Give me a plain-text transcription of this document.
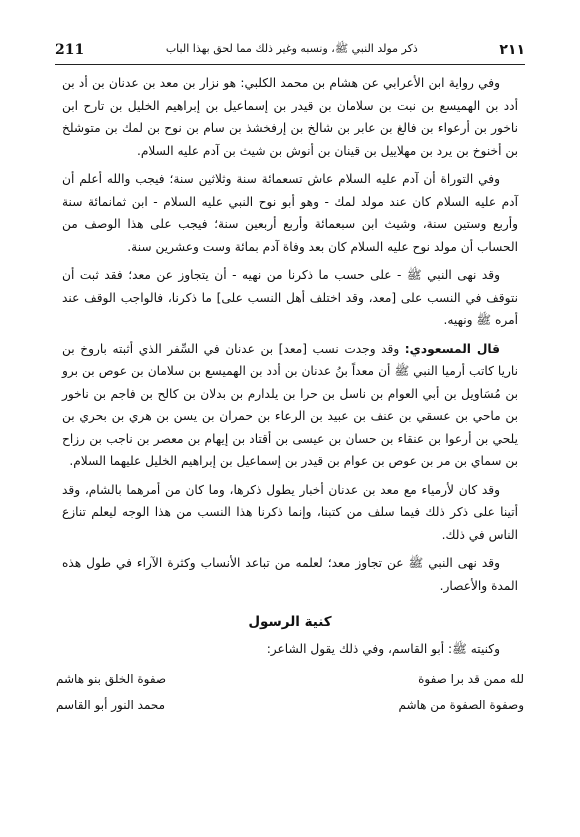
211	ذكر مولد النبي ﷺ، ونسبه وغير ذلك مما لحق بهذا الباب	٢١١

وفي رواية ابن الأعرابي عن هشام بن محمد الكلبي: هو نزار بن معد بن عدنان بن أد بن أدد بن الهميسع بن نبت بن سلامان بن قيدر بن إسماعيل بن إبراهيم الخليل بن تارح ابن ناخور بن أرعواء بن فالغ بن عابر بن شالخ بن إرفخشذ بن سام بن نوح بن لمك بن متوشلخ بن أخنوخ بن يرد بن مهلاييل بن قينان بن أنوش بن شيث بن آدم عليه السلام.

وفي التوراة أن آدم عليه السلام عاش تسعمائة سنة وثلاثين سنة؛ فيجب والله أعلم أن آدم عليه السلام كان عند مولد لمك - وهو أبو نوح النبي عليه السلام - ابن ثمانمائة سنة وأربع وستين سنة، وشيث ابن سبعمائة وأربع أربعين سنة؛ فيجب على هذا الوصف من الحساب أن مولد نوح عليه السلام كان بعد وفاة آدم بمائة وست وعشرين سنة.

وقد نهى النبي ﷺ - على حسب ما ذكرنا من نهيه - أن يتجاوز عن معد؛ فقد ثبت أن نتوقف في النسب على [معد، وقد اختلف أهل النسب على] ما ذكرنا، فالواجب الوقف عند أمره ﷺ ونهيه.

قال المسعودي: وقد وجدت نسب [معد] بن عدنان في السِّفر الذي أثبته باروخ بن ناريا كاتب أرميا النبي ﷺ أن معداً بنُ عدنان بن أدد بن الهميسع بن سلامان بن عوص بن برو بن مُسَاويل بن أبي العوام بن ناسل بن حرا بن يلدارم بن بدلان بن كالح بن فاجم بن ناخور بن ماحي بن عسقي بن عنف بن عبيد بن الرعاء بن حمران بن يسن بن هري بن بحري بن يلحي بن أرعوا بن عنقاء بن حسان بن عيسى بن أقتاد بن إيهام بن معصر بن ناجب بن رزاح بن سماي بن مر بن عوص بن عوام بن قيدر بن إسماعيل بن إبراهيم الخليل عليهما السلام.

وقد كان لأرمياء مع معد بن عدنان أخبار يطول ذكرها، وما كان من أمرهما بالشام، وقد أتينا على ذكر ذلك فيما سلف من كتبنا، وإنما ذكرنا هذا النسب من هذا الوجه ليعلم تنازع الناس في ذلك.

وقد نهى النبي ﷺ عن تجاوز معد؛ لعلمه من تباعد الأنساب وكثرة الآراء في طول هذه المدة والأعصار.

كنية الرسول

وكنيته ﷺ: أبو القاسم، وفي ذلك يقول الشاعر:

لله ممن قد برا صفوة
صفوة الخلق بنو هاشم
وصفوة الصفوة من هاشم
محمد النور أبو القاسم
